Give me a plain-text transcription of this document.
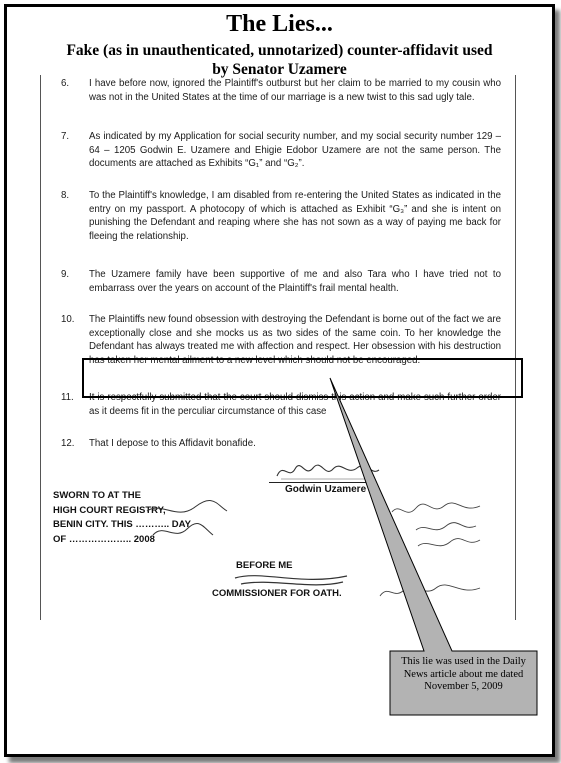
The Lies...
Fake (as in unauthenticated, unnotarized) counter-affidavit used
by Senator Uzamere
6. I have before now, ignored the Plaintiff's outburst but her claim to be married to my cousin who was not in the United States at the time of our marriage is a new twist to this sad ugly tale.
7. As indicated by my Application for social security number, and my social security number 129 – 64 – 1205 Godwin E. Uzamere and Ehigie Edobor Uzamere are not the same person. The documents are attached as Exhibits “G₁” and “G₂”.
8. To the Plaintiff's knowledge, I am disabled from re-entering the United States as indicated in the entry on my passport. A photocopy of which is attached as Exhibit “G₃” and she is intent on punishing the Defendant and reaping where she has not sown as a way of paying me back for fleeing the relationship.
9. The Uzamere family have been supportive of me and also Tara who I have tried not to embarrass over the years on account of the Plaintiff's frail mental health.
10. The Plaintiffs new found obsession with destroying the Defendant is borne out of the fact we are exceptionally close and she mocks us as two sides of the same coin. To her knowledge the Defendant has always treated me with affection and respect. Her obsession with his destruction has taken her mental ailment to a new level which should not be encouraged.
11. It is respectfully submitted that the court should dismiss this action and make such further order as it deems fit in the perculiar circumstance of this case
12. That I depose to this Affidavit bonafide.
Godwin Uzamere
SWORN TO AT THE
HIGH COURT REGISTRY,
BENIN CITY. THIS ……….. DAY
OF ……………….. 2008
BEFORE ME
COMMISSIONER FOR OATH.
This lie was used in the Daily
News article about me dated
November 5, 2009
